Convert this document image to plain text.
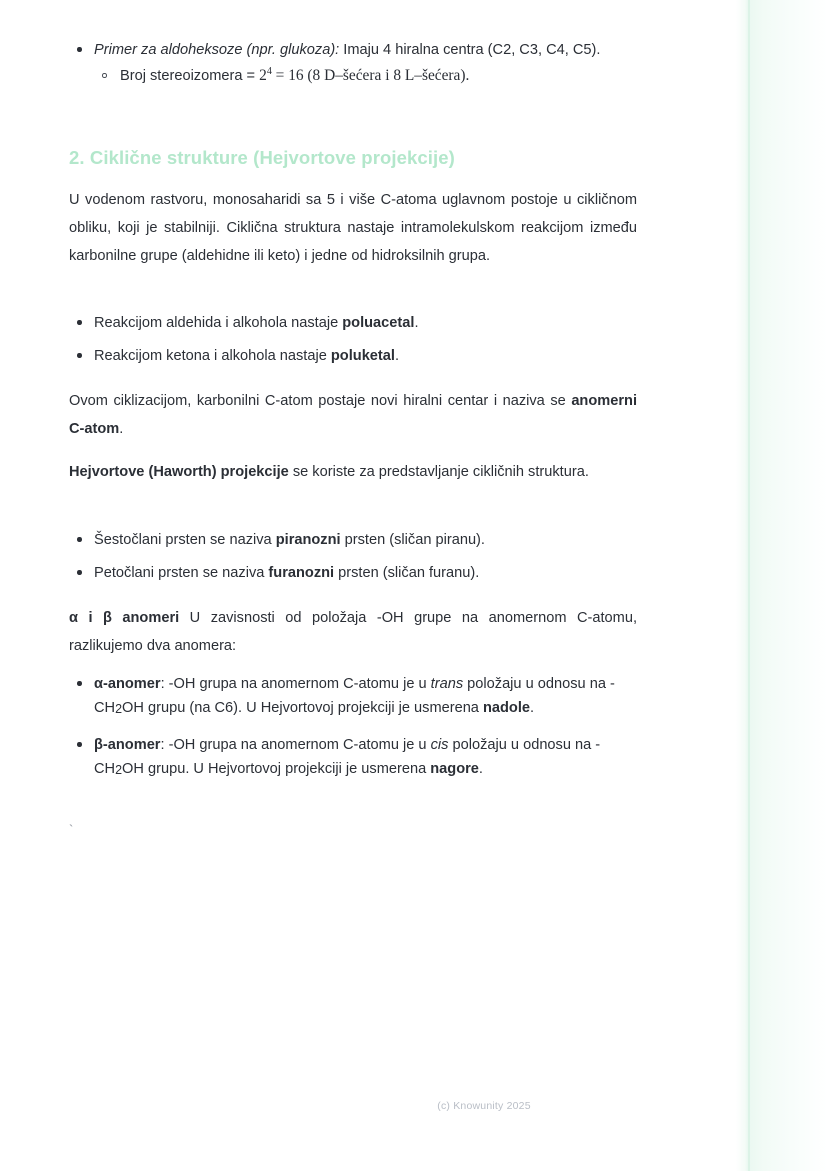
Primer za aldoheksoze (npr. glukoza): Imaju 4 hiralna centra (C2, C3, C4, C5).
Broj stereoizomera = $2^4 = 16$ (8 D–šećera i 8 L–šećera).
2. Ciklične strukture (Hejvortove projekcije)

U vodenom rastvoru, monosaharidi sa 5 i više C-atoma uglavnom postoje u cikličnom obliku, koji je stabilniji. Ciklična struktura nastaje intramolekulskom reakcijom između karbonilne grupe (aldehidne ili keto) i jedne od hidroksilnih grupa.

Reakcijom aldehida i alkohola nastaje poluacetal.
Reakcijom ketona i alkohola nastaje poluketal.

Ovom ciklizacijom, karbonilni C-atom postaje novi hiralni centar i naziva se anomerni C-atom.

Hejvortove (Haworth) projekcije se koriste za predstavljanje cikličnih struktura.

Šestočlani prsten se naziva piranozni prsten (sličan piranu).
Petočlani prsten se naziva furanozni prsten (sličan furanu).

α i β anomeri U zavisnosti od položaja -OH grupe na anomernom C-atomu, razlikujemo dva anomera:

α-anomer: -OH grupa na anomernom C-atomu je u trans položaju u odnosu na -CH2OH grupu (na C6). U Hejvortovoj projekciji je usmerena nadole.
β-anomer: -OH grupa na anomernom C-atomu je u cis položaju u odnosu na -CH2OH grupu. U Hejvortovoj projekciji je usmerena nagore.
`
(c) Knowunity 2025
